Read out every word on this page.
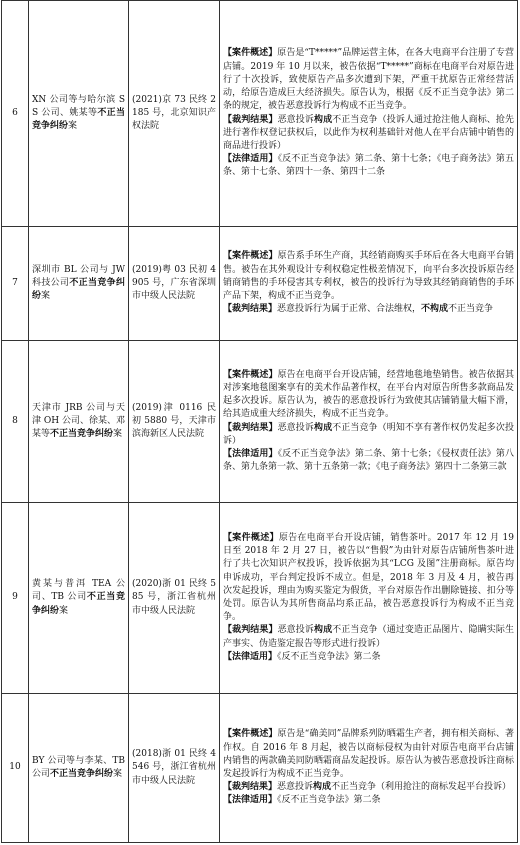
6	XN 公司等与哈尔滨 SS 公司、姚某等不正当竞争纠纷案	(2021)京 73 民终 2185 号，北京知识产权法院	【案件概述】原告是“T*****”品牌运营主体，在各大电商平台注册了专营店铺。2019 年 10 月以来，被告依据“T*****”商标在电商平台对原告进行了十次投诉，致使原告产品多次遭到下架，严重干扰原告正常经营活动，给原告造成巨大经济损失。原告认为，根据《反不正当竞争法》第二条的规定，被告恶意投诉行为构成不正当竞争。
【裁判结果】恶意投诉构成不正当竞争（投诉人通过抢注他人商标、抢先进行著作权登记获权后，以此作为权利基础针对他人在平台店铺中销售的商品进行投诉）
【法律适用】《反不正当竞争法》第二条、第十七条；《电子商务法》第五条、第十七条、第四十一条、第四十二条

7	深圳市 BL 公司与 JW 科技公司不正当竞争纠纷案	(2019)粤 03 民初 4905 号，广东省深圳市中级人民法院	【案件概述】原告系手环生产商，其经销商购买手环后在各大电商平台销售。被告在其外观设计专利权稳定性极差情况下，向平台多次投诉原告经销商销售的手环侵害其专利权，被告的投诉行为导致其经销商销售的手环产品下架，构成不正当竞争。
【裁判结果】恶意投诉行为属于正常、合法维权，不构成不正当竞争

8	天津市 JRB 公司与天津 OH 公司、徐某、邓某等不正当竞争纠纷案	(2019)津 0116 民初 5880 号，天津市滨海新区人民法院	【案件概述】原告在电商平台开设店铺，经营地毯地垫销售。被告依据其对涉案地毯图案享有的美术作品著作权，在平台内对原告所售多款商品发起多次投诉。原告认为，被告的恶意投诉行为致使其店铺销量大幅下滑，给其造成重大经济损失，构成不正当竞争。
【裁判结果】恶意投诉构成不正当竞争（明知不享有著作权仍发起多次投诉）
【法律适用】《反不正当竞争法》第二条、第十七条；《侵权责任法》第八条、第九条第一款、第十五条第一款；《电子商务法》第四十二条第三款

9	黄某与普洱 TEA 公司、TB 公司不正当竞争纠纷案	(2020)浙 01 民终 585 号，浙江省杭州市中级人民法院	【案件概述】原告在电商平台开设店铺，销售茶叶。2017 年 12 月 19 日至 2018 年 2 月 27 日，被告以“售假”为由针对原告店铺所售茶叶进行了共七次知识产权投诉，投诉依据为其“LCG 及图”注册商标。原告均申诉成功，平台判定投诉不成立。但是，2018 年 3 月及 4 月，被告再次发起投诉，理由为购买鉴定为假货，平台对原告作出删除链接、扣分等处罚。原告认为其所售商品均系正品，被告恶意投诉行为构成不正当竞争。
【裁判结果】恶意投诉构成不正当竞争（通过变造正品图片、隐瞒实际生产事实、伪造鉴定报告等形式进行投诉）
【法律适用】《反不正当竞争法》第二条

10	BY 公司等与李某、TB 公司不正当竞争纠纷案	(2018)浙 01 民终 4546 号，浙江省杭州市中级人民法院	【案件概述】原告是“确美同”品牌系列防晒霜生产者，拥有相关商标、著作权。自 2016 年 8 月起，被告以商标侵权为由针对原告电商平台店铺内销售的两款确美同防晒霜商品发起投诉。原告认为被告恶意投诉注商标发起投诉行为构成不正当竞争。
【裁判结果】恶意投诉构成不正当竞争（利用抢注的商标发起平台投诉）
【法律适用】《反不正当竞争法》第二条
